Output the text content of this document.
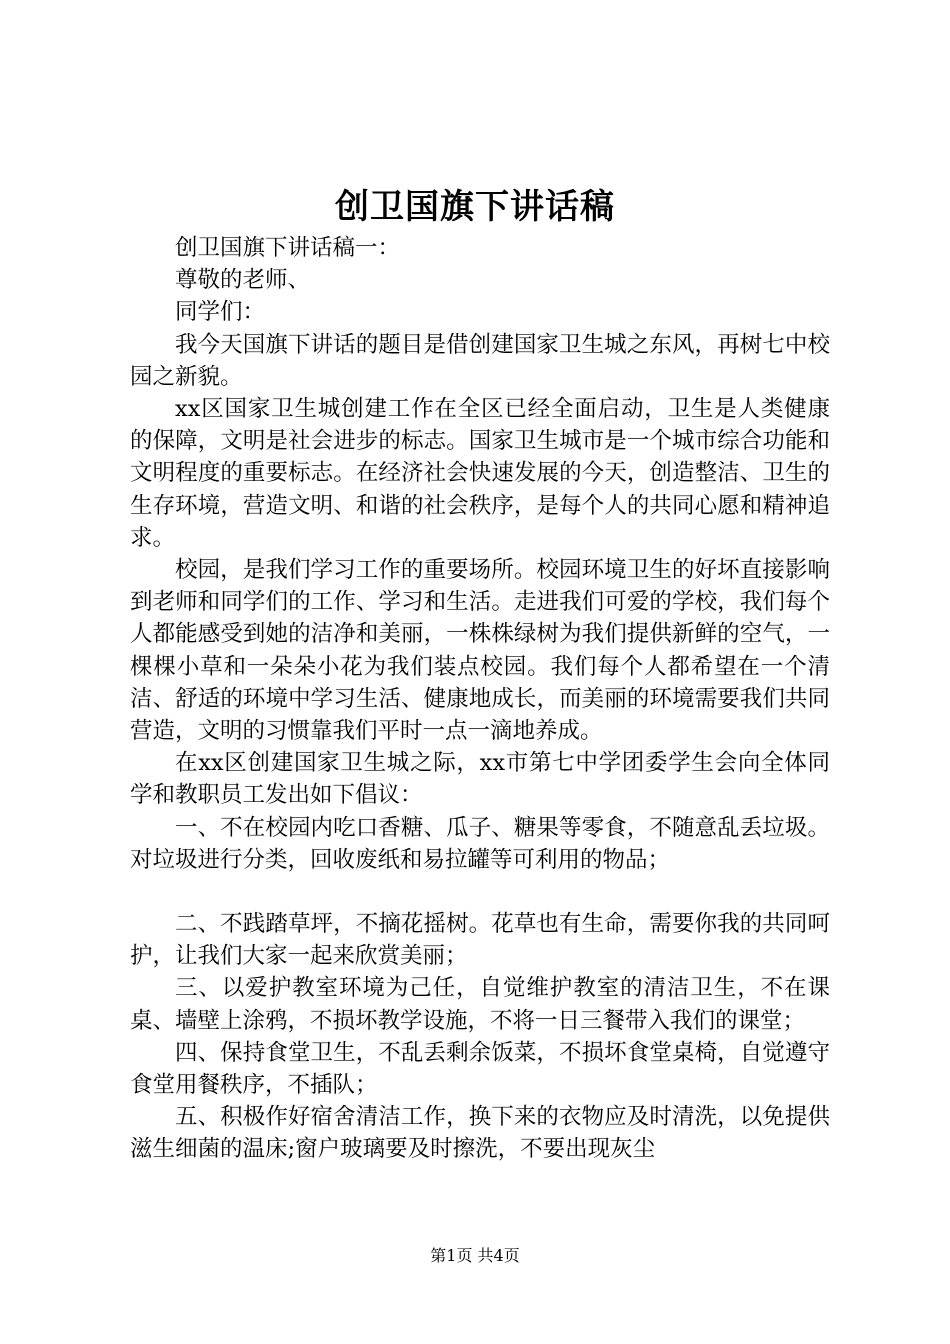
创卫国旗下讲话稿

创卫国旗下讲话稿一：

尊敬的老师、

同学们：

我今天国旗下讲话的题目是借创建国家卫生城之东风，再树七中校园之新貌。

xx区国家卫生城创建工作在全区已经全面启动，卫生是人类健康的保障，文明是社会进步的标志。国家卫生城市是一个城市综合功能和文明程度的重要标志。在经济社会快速发展的今天，创造整洁、卫生的生存环境，营造文明、和谐的社会秩序，是每个人的共同心愿和精神追求。

校园，是我们学习工作的重要场所。校园环境卫生的好坏直接影响到老师和同学们的工作、学习和生活。走进我们可爱的学校，我们每个人都能感受到她的洁净和美丽，一株株绿树为我们提供新鲜的空气，一棵棵小草和一朵朵小花为我们装点校园。我们每个人都希望在一个清洁、舒适的环境中学习生活、健康地成长，而美丽的环境需要我们共同营造，文明的习惯靠我们平时一点一滴地养成。

在xx区创建国家卫生城之际，xx市第七中学团委学生会向全体同学和教职员工发出如下倡议：

一、不在校园内吃口香糖、瓜子、糖果等零食，不随意乱丢垃圾。对垃圾进行分类，回收废纸和易拉罐等可利用的物品；

二、不践踏草坪，不摘花摇树。花草也有生命，需要你我的共同呵护，让我们大家一起来欣赏美丽；

三、以爱护教室环境为己任，自觉维护教室的清洁卫生，不在课桌、墙壁上涂鸦，不损坏教学设施，不将一日三餐带入我们的课堂；

四、保持食堂卫生，不乱丢剩余饭菜，不损坏食堂桌椅，自觉遵守食堂用餐秩序，不插队；

五、积极作好宿舍清洁工作，换下来的衣物应及时清洗，以免提供滋生细菌的温床;窗户玻璃要及时擦洗，不要出现灰尘

第1页 共4页
